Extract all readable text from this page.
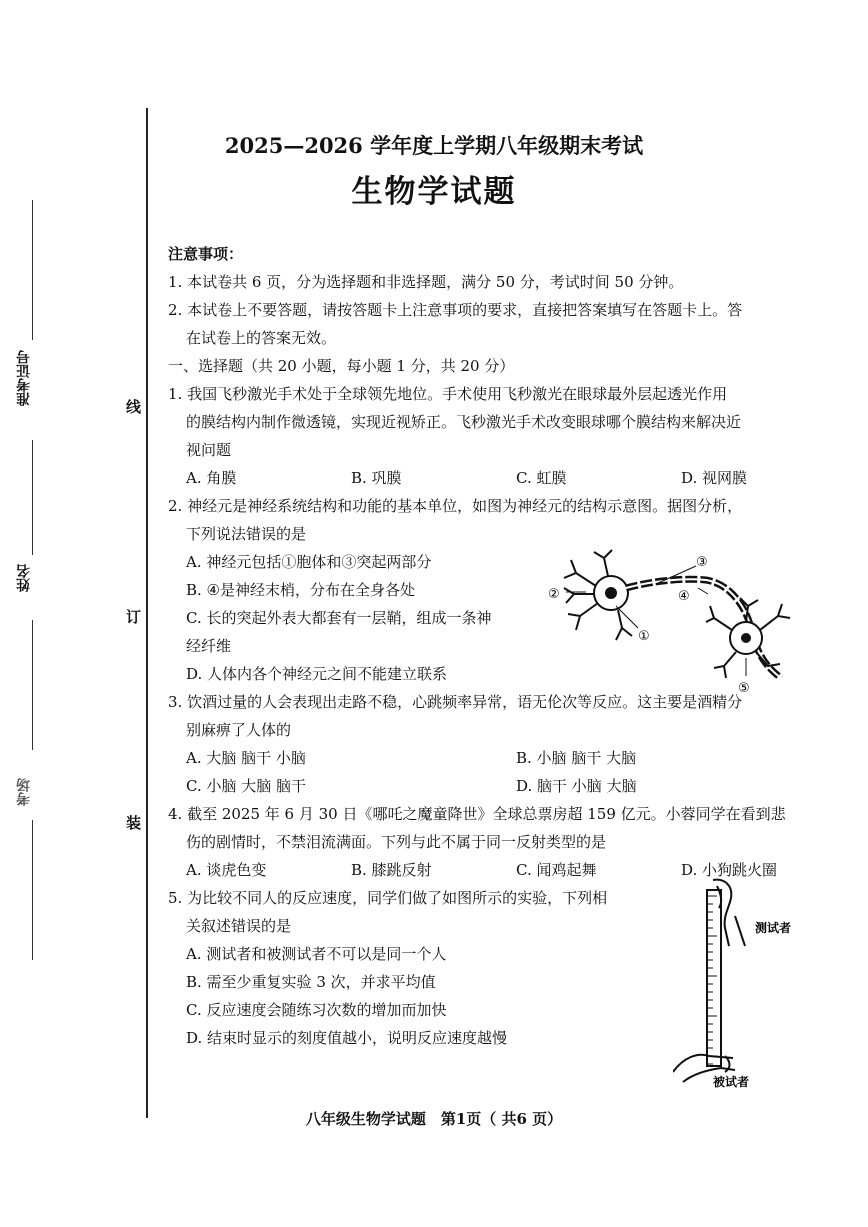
线
订
装
准考证号
姓名
考场
2025—2026 学年度上学期八年级期末考试
生物学试题

注意事项：

1. 本试卷共 6 页，分为选择题和非选择题，满分 50 分，考试时间 50 分钟。

2. 本试卷上不要答题，请按答题卡上注意事项的要求，直接把答案填写在答题卡上。答

在试卷上的答案无效。

一、选择题（共 20 小题，每小题 1 分，共 20 分）

1. 我国飞秒激光手术处于全球领先地位。手术使用飞秒激光在眼球最外层起透光作用

的膜结构内制作微透镜，实现近视矫正。飞秒激光手术改变眼球哪个膜结构来解决近

视问题

A. 角膜	B. 巩膜	C. 虹膜	D. 视网膜

2. 神经元是神经系统结构和功能的基本单位，如图为神经元的结构示意图。据图分析，

下列说法错误的是

A. 神经元包括①胞体和③突起两部分

B. ④是神经末梢，分布在全身各处

C. 长的突起外表大都套有一层鞘，组成一条神

经纤维

D. 人体内各个神经元之间不能建立联系

①
②
③
④
⑤

3. 饮酒过量的人会表现出走路不稳，心跳频率异常，语无伦次等反应。这主要是酒精分

别麻痹了人体的

A. 大脑 脑干 小脑	B. 小脑 脑干 大脑
C. 小脑 大脑 脑干	D. 脑干 小脑 大脑

4. 截至 2025 年 6 月 30 日《哪吒之魔童降世》全球总票房超 159 亿元。小蓉同学在看到悲

伤的剧情时，不禁泪流满面。下列与此不属于同一反射类型的是

A. 谈虎色变	B. 膝跳反射	C. 闻鸡起舞	D. 小狗跳火圈

5. 为比较不同人的反应速度，同学们做了如图所示的实验，下列相

关叙述错误的是

A. 测试者和被测试者不可以是同一个人

B. 需至少重复实验 3 次，并求平均值

C. 反应速度会随练习次数的增加而加快

D. 结束时显示的刻度值越小，说明反应速度越慢

测试者
被试者
八年级生物学试题　第1页（ 共6 页）
